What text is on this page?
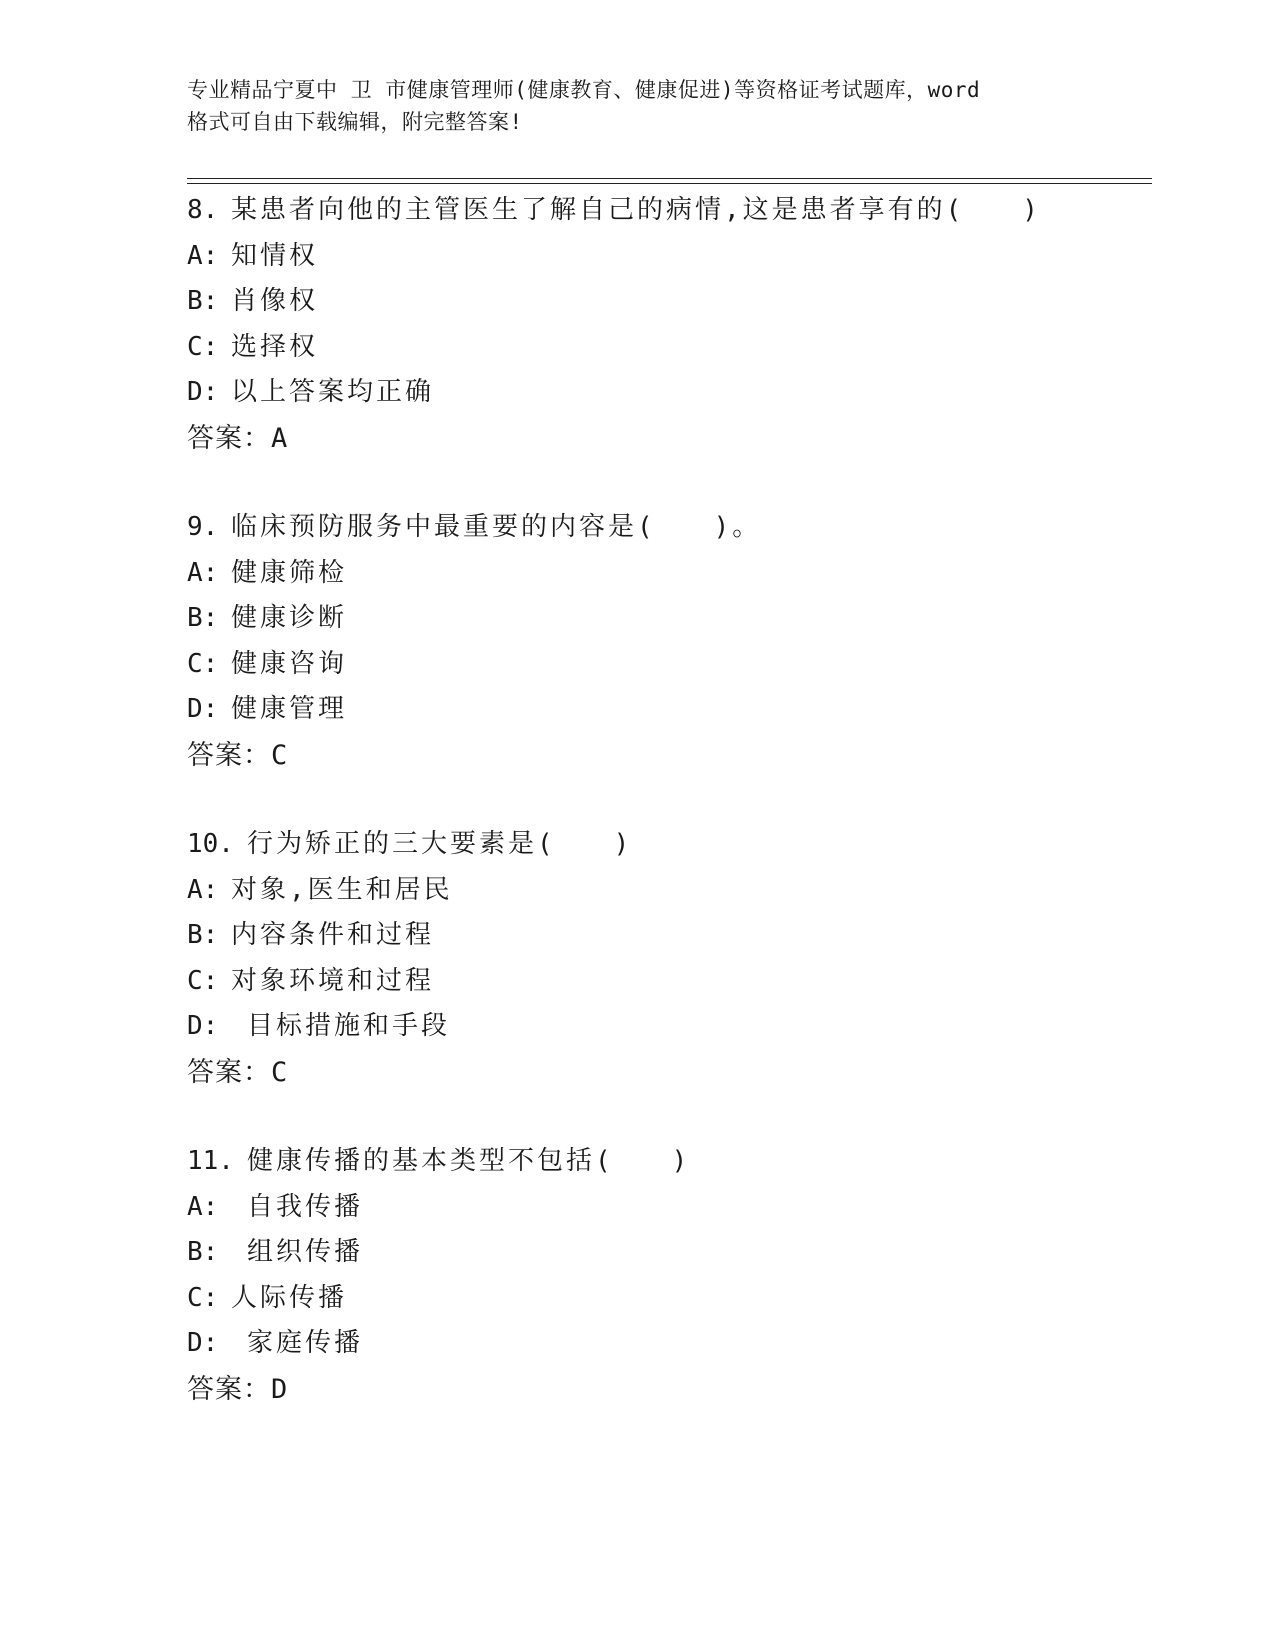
专业精品宁夏中 卫 市健康管理师(健康教育、健康促进)等资格证考试题库，word
格式可自由下载编辑，附完整答案!

8. 某患者向他的主管医生了解自己的病情,这是患者享有的(　　)
A: 知情权
B: 肖像权
C: 选择权
D: 以上答案均正确
答案：A
9. 临床预防服务中最重要的内容是(　　)。
A: 健康筛检
B: 健康诊断
C: 健康咨询
D: 健康管理
答案：C
10. 行为矫正的三大要素是(　　)
A: 对象,医生和居民
B: 内容条件和过程
C: 对象环境和过程
D: 目标措施和手段
答案：C
11. 健康传播的基本类型不包括(　　)
A: 自我传播
B: 组织传播
C: 人际传播
D: 家庭传播
答案：D
